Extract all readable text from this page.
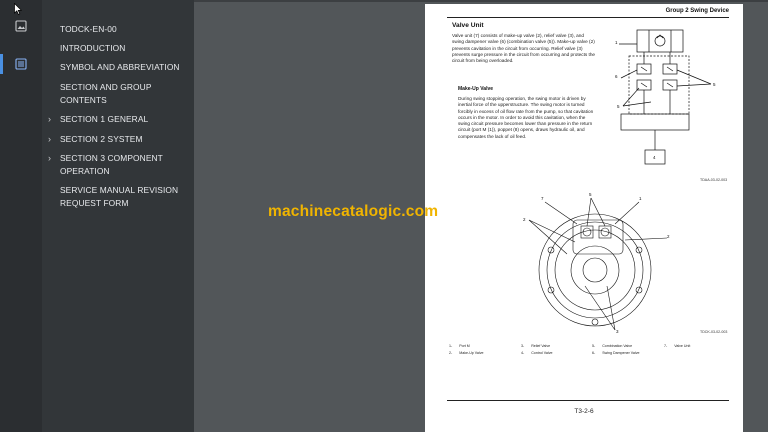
TODCK-EN-00
INTRODUCTION
SYMBOL AND ABBREVIATION
SECTION AND GROUP CONTENTS
› SECTION 1 GENERAL
› SECTION 2 SYSTEM
› SECTION 3 COMPONENT OPERATION
SERVICE MANUAL REVISION REQUEST FORM
Group 2 Swing Device
Valve Unit
Valve unit (7) consists of make-up valve (2), relief valve (3), and swing dampener valve (6) (combination valve (5)). Make-up valve (2) prevents cavitation in the circuit from occurring. Relief valve (3) prevents surge pressure in the circuit from occurring and protects the circuit from being overloaded.
Make-Up Valve
During swing stopping operation, the swing motor is driven by inertial force of the upperstructure. The swing motor is turned forcibly in excess of oil flow rate from the pump, so that cavitation occurs in the motor. In order to avoid this cavitation, when the swing circuit pressure becomes lower than pressure in the return circuit (port M (1)), poppet (8) opens, draws hydraulic oil, and compensates the lack of oil feed.
1
6
5
5
4
TDAA-03-02-003
7
5
1
2
2
3	TDCK-03-02-003
1- Port M
2- Make-Up Valve
3- Relief Valve
4- Control Valve
5- Combination Valve
6- Swing Dampener Valve
7- Valve Unit
T3-2-6
machinecatalogic.com
